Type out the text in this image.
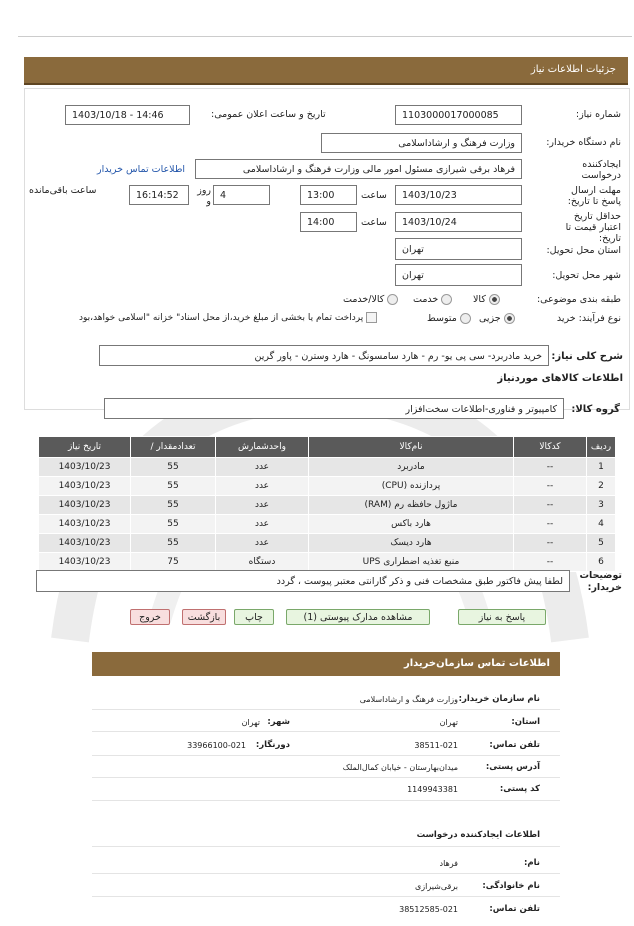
جزئیات اطلاعات نیاز
شماره نیاز:
1103000017000085
تاریخ و ساعت اعلان عمومی:
1403/10/18 - 14:46
نام دستگاه خریدار:
وزارت فرهنگ و ارشاداسلامی
ایجادکننده درخواست
فرهاد برقی شیرازی مسئول امور مالی وزارت فرهنگ و ارشاداسلامی
اطلاعات تماس خریدار
مهلت ارسال پاسخ تا تاریخ:
1403/10/23
ساعت
13:00
4
روز و
16:14:52
ساعت باقی‌مانده
حداقل تاریخ اعتبار قیمت تا تاریخ:
1403/10/24
ساعت
14:00
استان محل تحویل:
تهران
شهر محل تحویل:
تهران
طبقه بندی موضوعی:
کالا
خدمت
کالا/خدمت
نوع فرآیند: خرید
جزیی
متوسط
پرداخت تمام یا بخشی از مبلغ خرید،از محل اسناد" خزانه "اسلامی خواهد،بود
شرح کلی نیاز:
خرید مادربرد- سی پی یو- رم - هارد سامسونگ - هارد وسترن - پاور گرین
اطلاعات کالاهای موردنیاز
گروه کالا:
کامپیوتر و فناوری-اطلاعات سخت‌افزار
ردیف	کدکالا	نام‌کالا	واحدشمارش	تعدادمقدار /	تاریخ نیاز
1	--	مادربرد	عدد	55	1403/10/23
2	--	پردازنده (CPU)	عدد	55	1403/10/23
3	--	ماژول حافظه رم (RAM)	عدد	55	1403/10/23
4	--	هارد باکس	عدد	55	1403/10/23
5	--	هارد دیسک	عدد	55	1403/10/23
6	--	منبع تغذیه اضطراری UPS	دستگاه	75	1403/10/23
توضیحات خریدار:
لطفا پیش فاکتور طبق مشخصات فنی و ذکر گارانتی معتبر پیوست ، گردد
پاسخ به نیاز
مشاهده مدارک پیوستی (1)
چاپ
بازگشت
خروج
اطلاعات تماس سازمان‌خریدار
نام سازمان خریدار:
وزارت فرهنگ و ارشاداسلامی
استان:
تهران
شهر:
تهران
تلفن تماس:
38511-021
دورنگار:
33966100-021
آدرس پستی:
میدان‌بهارستان - خیابان کمال‌الملک
کد پستی:
1149943381
اطلاعات ایجادکننده درخواست
نام:
فرهاد
نام خانوادگی:
برقی‌شیرازی
تلفن تماس:
38512585-021
